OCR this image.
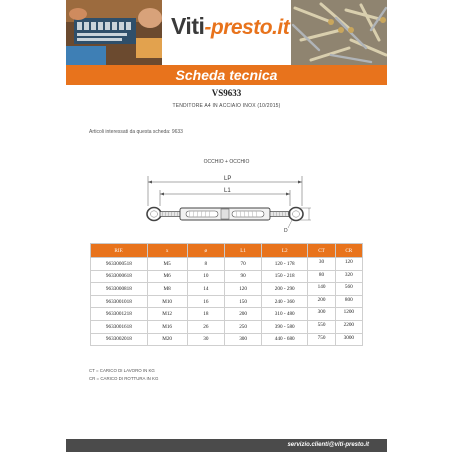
Viti -presto.it
Scheda tecnica
VS9633
TENDITORE A4 IN ACCIAIO INOX (10/2015)
Articoli interessati da questa scheda: 9633
OCCHIO + OCCHIO
LP
L1
D
RIF.	x	ø	L1	L2	CT	CR
9633000518	M5	8	70	120 - 178	30	120
9633000618	M6	10	90	150 - 218	80	320
9633000818	M8	14	120	200 - 290	140	560
9633001018	M10	16	150	240 - 360	200	800
9633001218	M12	18	200	310 - 480	300	1200
9633001618	M16	26	250	390 - 580	550	2200
9633002018	M20	30	300	440 - 680	750	3000
CT = CARICO DI LAVORO IN KG
CR = CARICO DI ROTTURA IN KG
servizio.clienti@viti-presto.it
